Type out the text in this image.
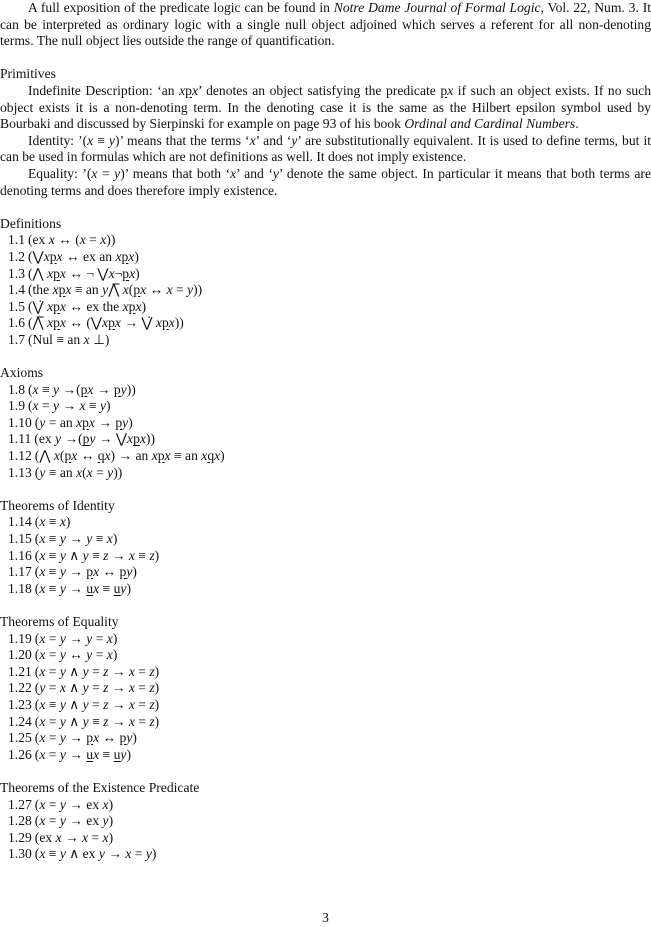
A full exposition of the predicate logic can be found in Notre Dame Journal of Formal Logic, Vol. 22, Num. 3. It can be interpreted as ordinary logic with a single null object adjoined which serves a referent for all non-denoting terms. The null object lies outside the range of quantification.

Primitives

Indefinite Description: ‘an xpx’ denotes an object satisfying the predicate px if such an object exists. If no such object exists it is a non-denoting term. In the denoting case it is the same as the Hilbert epsilon symbol used by Bourbaki and discussed by Sierpinski for example on page 93 of his book Ordinal and Cardinal Numbers.

Identity: ’(x ≡ y)’ means that the terms ‘x’ and ‘y’ are substitutionally equivalent. It is used to define terms, but it can be used in formulas which are not definitions as well. It does not imply existence.

Equality: ’(x = y)’ means that both ‘x’ and ‘y’ denote the same object. In particular it means that both terms are denoting terms and does therefore imply existence.

Definitions

1.1 (ex x ↔ (x = x))

1.2 (⋁xpx ↔ ex an xpx)

1.3 (⋀ xpx ↔ ¬ ⋁x¬px)

1.4 (the xpx ≡ an y⋀̅ x(px ↔ x = y))

1.5 (⋁̇ xpx ↔ ex the xpx)

1.6 (⋀̅ xpx ↔ (⋁xpx → ⋁̇ xpx))

1.7 (Nul ≡ an x ⊥)

Axioms

1.8 (x ≡ y →(px → py))

1.9 (x = y → x ≡ y)

1.10 (y = an xpx → py)

1.11 (ex y →(py → ⋁xpx))

1.12 (⋀ x(px ↔ qx) → an xpx ≡ an xqx)

1.13 (y ≡ an x(x = y))

Theorems of Identity

1.14 (x ≡ x)

1.15 (x ≡ y → y ≡ x)

1.16 (x ≡ y ∧ y ≡ z → x ≡ z)

1.17 (x ≡ y → px ↔ py)

1.18 (x ≡ y → ux ≡ uy)

Theorems of Equality

1.19 (x = y → y = x)

1.20 (x = y ↔ y = x)

1.21 (x = y ∧ y = z → x = z)

1.22 (y = x ∧ y = z → x = z)

1.23 (x ≡ y ∧ y = z → x = z)

1.24 (x = y ∧ y ≡ z → x = z)

1.25 (x = y → px ↔ py)

1.26 (x = y → ux ≡ uy)

Theorems of the Existence Predicate

1.27 (x = y → ex x)

1.28 (x = y → ex y)

1.29 (ex x → x = x)

1.30 (x ≡ y ∧ ex y → x = y)

3
